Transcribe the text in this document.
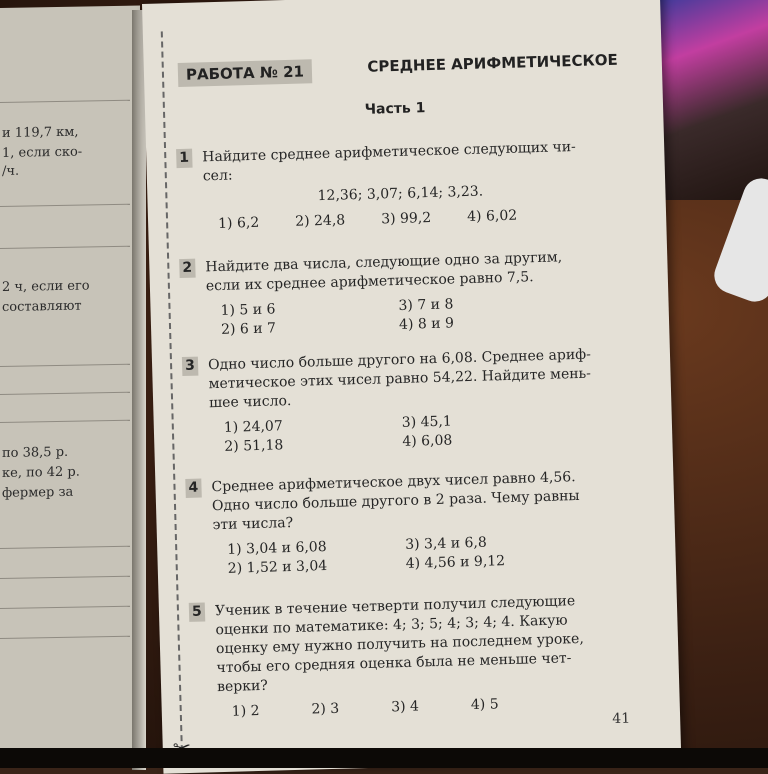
и 119,7 км,
1, если ско-
/ч.
2 ч, если его
составляют
по 38,5 р.
ке, по 42 р.
фермер за
РАБОТА № 21	СРЕДНЕЕ АРИФМЕТИЧЕСКОЕ
Часть 1
1 Найдите среднее арифметическое следующих чи-
сел:
12,36; 3,07; 6,14; 3,23.
1) 6,2	2) 24,8	3) 99,2	4) 6,02
2 Найдите два числа, следующие одно за другим,
если их среднее арифметическое равно 7,5.
1) 5 и 6	3) 7 и 8
2) 6 и 7	4) 8 и 9
3 Одно число больше другого на 6,08. Среднее ариф-
метическое этих чисел равно 54,22. Найдите мень-
шее число.
1) 24,07	3) 45,1
2) 51,18	4) 6,08
4 Среднее арифметическое двух чисел равно 4,56.
Одно число больше другого в 2 раза. Чему равны
эти числа?
1) 3,04 и 6,08	3) 3,4 и 6,8
2) 1,52 и 3,04	4) 4,56 и 9,12
5 Ученик в течение четверти получил следующие
оценки по математике: 4; 3; 5; 4; 3; 4; 4. Какую
оценку ему нужно получить на последнем уроке,
чтобы его средняя оценка была не меньше чет-
верки?
1) 2	2) 3	3) 4	4) 5
41
